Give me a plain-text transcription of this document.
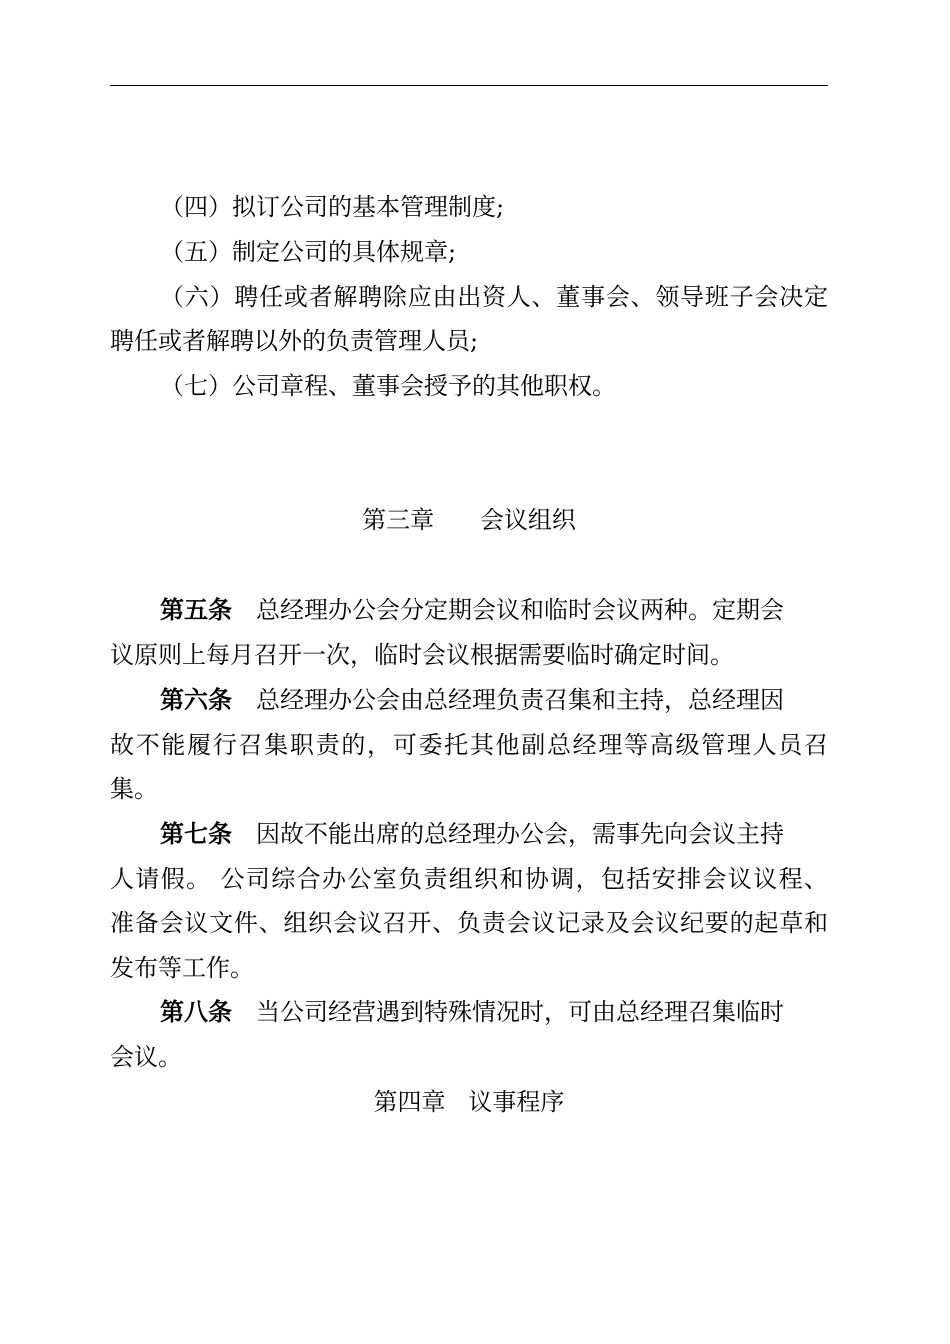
（四）拟订公司的基本管理制度;
（五）制定公司的具体规章;
（六）聘任或者解聘除应由出资人、董事会、领导班子会决定
聘任或者解聘以外的负责管理人员;
（七）公司章程、董事会授予的其他职权。
第三章      会议组织
第五条 总经理办公会分定期会议和临时会议两种。定期会
议原则上每月召开一次，临时会议根据需要临时确定时间。
第六条 总经理办公会由总经理负责召集和主持，总经理因
故不能履行召集职责的，可委托其他副总经理等高级管理人员召
集。
第七条 因故不能出席的总经理办公会，需事先向会议主持
人请假。 公司综合办公室负责组织和协调，包括安排会议议程、
准备会议文件、组织会议召开、负责会议记录及会议纪要的起草和
发布等工作。
第八条 当公司经营遇到特殊情况时，可由总经理召集临时
会议。
第四章   议事程序
